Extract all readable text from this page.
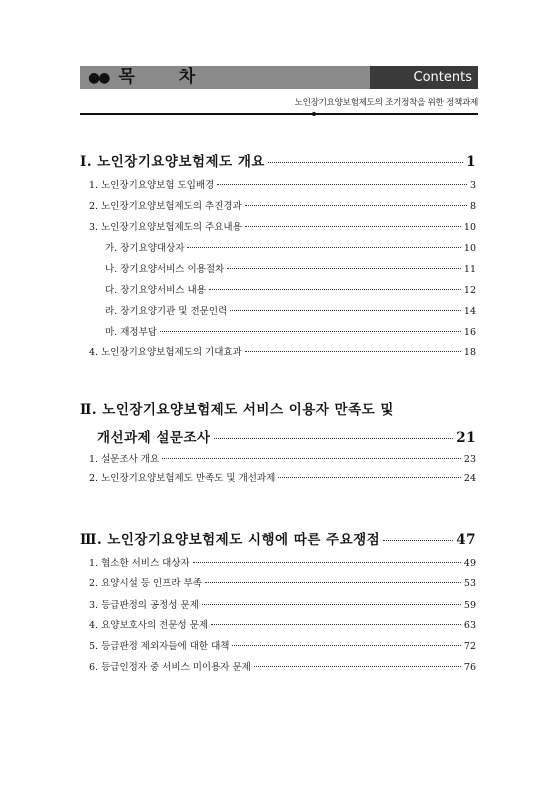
●● 목 차	Contents
노인장기요양보험제도의 조기정착을 위한 정책과제
Ⅰ. 노인장기요양보험제도 개요	1
1. 노인장기요양보험 도입배경	3
2. 노인장기요양보험제도의 추진경과	8
3. 노인장기요양보험제도의 주요내용	10
가. 장기요양대상자	10
나. 장기요양서비스 이용절차	11
다. 장기요양서비스 내용	12
라. 장기요양기관 및 전문인력	14
마. 재정부담	16
4. 노인장기요양보험제도의 기대효과	18
Ⅱ. 노인장기요양보험제도 서비스 이용자 만족도 및
개선과제 설문조사	21
1. 설문조사 개요	23
2. 노인장기요양보험제도 만족도 및 개선과제	24
Ⅲ. 노인장기요양보험제도 시행에 따른 주요쟁점	47
1. 협소한 서비스 대상자	49
2. 요양시설 등 인프라 부족	53
3. 등급판정의 공정성 문제	59
4. 요양보호사의 전문성 문제	63
5. 등급판정 제외자들에 대한 대책	72
6. 등급인정자 중 서비스 미이용자 문제	76
